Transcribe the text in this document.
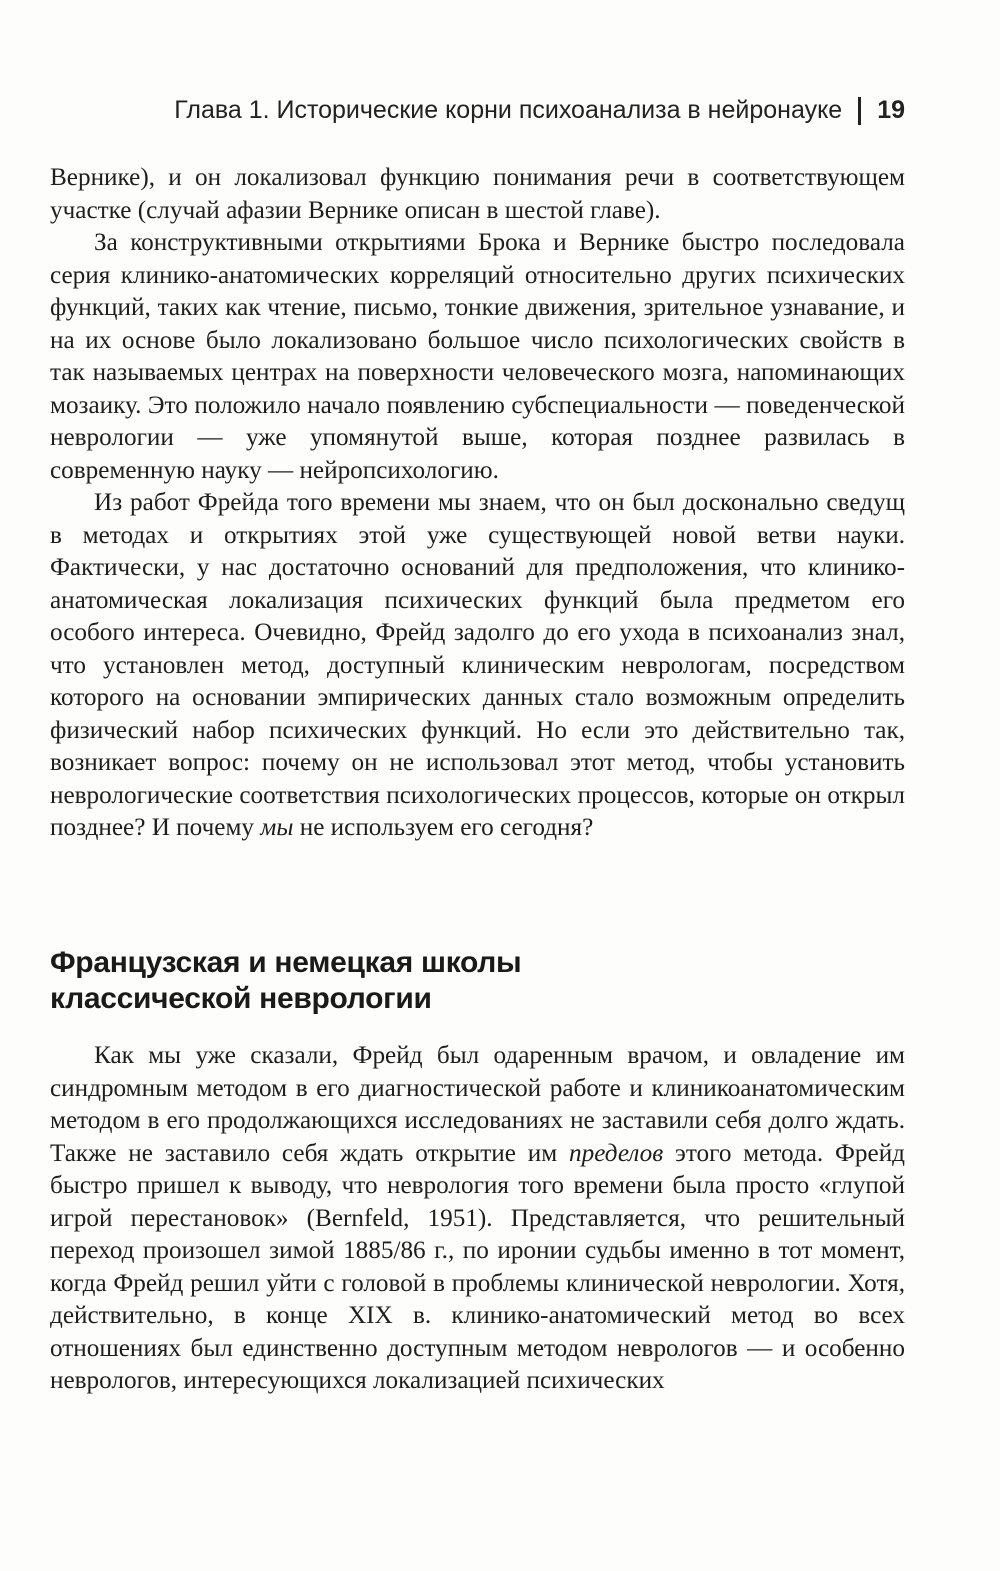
Глава 1. Исторические корни психоанализа в нейронауке 19

Вернике), и он локализовал функцию понимания речи в соответствующем участке (случай афазии Вернике описан в шестой главе).

За конструктивными открытиями Брока и Вернике быстро последовала серия клинико-анатомических корреляций относительно других психических функций, таких как чтение, письмо, тонкие движения, зрительное узнавание, и на их основе было локализовано большое число психологических свойств в так называемых центрах на поверхности человеческого мозга, напоминающих мозаику. Это положило начало появлению субспециальности — поведенческой неврологии — уже упомянутой выше, которая позднее развилась в современную науку — нейропсихологию.

Из работ Фрейда того времени мы знаем, что он был досконально сведущ в методах и открытиях этой уже существующей новой ветви науки. Фактически, у нас достаточно оснований для предположения, что клинико-анатомическая локализация психических функций была предметом его особого интереса. Очевидно, Фрейд задолго до его ухода в психоанализ знал, что установлен метод, доступный клиническим неврологам, посредством которого на основании эмпирических данных стало возможным определить физический набор психических функций. Но если это действительно так, возникает вопрос: почему он не использовал этот метод, чтобы установить неврологические соответствия психологических процессов, которые он открыл позднее? И почему мы не используем его сегодня?

Французская и немецкая школы
классической неврологии

Как мы уже сказали, Фрейд был одаренным врачом, и овладение им синдромным методом в его диагностической работе и клиникоанатомическим методом в его продолжающихся исследованиях не заставили себя долго ждать. Также не заставило себя ждать открытие им пределов этого метода. Фрейд быстро пришел к выводу, что неврология того времени была просто «глупой игрой перестановок» (Bernfeld, 1951). Представляется, что решительный переход произошел зимой 1885/86 г., по иронии судьбы именно в тот момент, когда Фрейд решил уйти с головой в проблемы клинической неврологии. Хотя, действительно, в конце XIX в. клинико-анатомический метод во всех отношениях был единственно доступным методом неврологов — и особенно неврологов, интересующихся локализацией психических
